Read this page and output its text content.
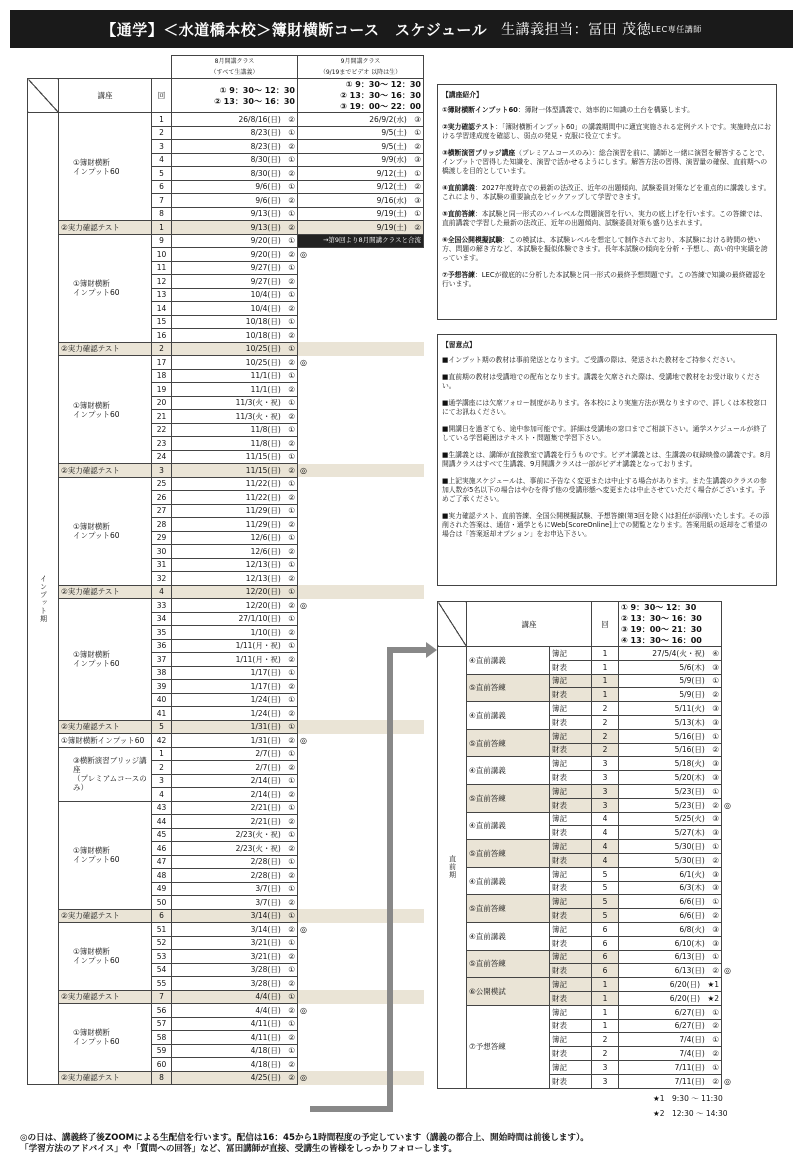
【通学】＜水道橋本校＞簿財横断コース　スケジュール 生講義担当：冨田 茂徳 LEC専任講師
			8月開講クラス
（すべて生講義）	9月開講クラス
（9/19までビデオ 以降は生）
	講座	回	① 9：30～ 12：30
② 13：30～ 16：30	① 9：30～ 12：30
② 13：30～ 16：30
③ 19：00～ 22：00
インプット期	①簿財横断
インプット60	1	26/8/16(日)　②	26/9/2(水)　③
		2	8/23(日)　①	9/5(土)　①
		3	8/23(日)　②	9/5(土)　②
		4	8/30(日)　①	9/9(水)　③
		5	8/30(日)　②	9/12(土)　①
		6	9/6(日)　①	9/12(土)　②
		7	9/6(日)　②	9/16(水)　③
		8	9/13(日)　①	9/19(土)　①
	②実力確認テスト	1	9/13(日)　②	9/19(土)　②
	①簿財横断
インプット60	9	9/20(日)　①	→第9回より8月開講クラスと合流
		10	9/20(日)　②	◎
		11	9/27(日)　①	
		12	9/27(日)　②	
		13	10/4(日)　①	
		14	10/4(日)　②	
		15	10/18(日)　①	
		16	10/18(日)　②	
	②実力確認テスト	2	10/25(日)　①	
	①簿財横断
インプット60	17	10/25(日)　②	◎
		18	11/1(日)　①	
		19	11/1(日)　②	
		20	11/3(火・祝)　①	
		21	11/3(火・祝)　②	
		22	11/8(日)　①	
		23	11/8(日)　②	
		24	11/15(日)　①	
	②実力確認テスト	3	11/15(日)　②	◎
	①簿財横断
インプット60	25	11/22(日)　①	
		26	11/22(日)　②	
		27	11/29(日)　①	
		28	11/29(日)　②	
		29	12/6(日)　①	
		30	12/6(日)　②	
		31	12/13(日)　①	
		32	12/13(日)　②	
	②実力確認テスト	4	12/20(日)　①	
	①簿財横断
インプット60	33	12/20(日)　②	◎
		34	27/1/10(日)　①	
		35	1/10(日)　②	
		36	1/11(月・祝)　①	
		37	1/11(月・祝)　②	
		38	1/17(日)　①	
		39	1/17(日)　②	
		40	1/24(日)　①	
		41	1/24(日)　②	
	②実力確認テスト	5	1/31(日)　①	
	①簿財横断インプット60	42	1/31(日)　②	◎
	③横断演習ブリッジ講座
（プレミアムコースのみ）	1	2/7(日)　①	
		2	2/7(日)　②	
		3	2/14(日)　①	
		4	2/14(日)　②	
	①簿財横断
インプット60	43	2/21(日)　①	
		44	2/21(日)　②	
		45	2/23(火・祝)　①	
		46	2/23(火・祝)　②	
		47	2/28(日)　①	
		48	2/28(日)　②	
		49	3/7(日)　①	
		50	3/7(日)　②	
	②実力確認テスト	6	3/14(日)　①	
	①簿財横断
インプット60	51	3/14(日)　②	◎
		52	3/21(日)　①	
		53	3/21(日)　②	
		54	3/28(日)　①	
		55	3/28(日)　②	
	②実力確認テスト	7	4/4(日)　①	
	①簿財横断
インプット60	56	4/4(日)　②	◎
		57	4/11(日)　①	
		58	4/11(日)　②	
		59	4/18(日)　①	
		60	4/18(日)　②	
	②実力確認テスト	8	4/25(日)　②	◎
【講座紹介】

①簿財横断インプット60：簿財一体型講義で、効率的に知識の土台を構築します。

②実力確認テスト：「簿財横断インプット60」の講義期間中に適宜実施される定例テストです。実施時点における学習達成度を確認し、弱点の発見・克服に役立てます。

③横断演習ブリッジ講座（プレミアムコースのみ）：総合演習を前に、講師と一緒に演習を解答することで、インプットで習得した知識を、演習で活かせるようにします。解答方法の習得、演習量の確保、直前期への橋渡しを目的としています。

④直前講義：2027年度時点での最新の法改正、近年の出題傾向、試験委員対策などを重点的に講義します。これにより、本試験の重要論点をピックアップして学習できます。

⑤直前答練：本試験と同一形式のハイレベルな問題演習を行い、実力の底上げを行います。この答練では、直前講義で学習した最新の法改正、近年の出題傾向、試験委員対策も盛り込まれます。

⑥全国公開模擬試験：この模試は、本試験レベルを想定して制作されており、本試験における時間の使い方、問題の解き方など、本試験を擬似体験できます。長年本試験の傾向を分析・予想し、高い的中実績を誇っています。

⑦予想答練：LECが徹底的に分析した本試験と同一形式の最終予想問題です。この答練で知識の最終確認を行います。

【留意点】

■インプット期の教材は事前発送となります。ご受講の際は、発送された教材をご持参ください。

■直前期の教材は受講地での配布となります。講義を欠席された際は、受講地で教材をお受け取りください。

■通学講座には欠席フォロー制度があります。各本校により実施方法が異なりますので、詳しくは本校窓口にてお訊ねください。

■開講日を過ぎても、途中参加可能です。詳細は受講地の窓口までご相談下さい。通学スケジュールが終了している学習範囲はテキスト・問題集で学習下さい。

■生講義とは、講師が直接教室で講義を行うものです。ビデオ講義とは、生講義の収録映像の講義です。8月開講クラスはすべて生講義、9月開講クラスは一部がビデオ講義となっております。

■上記実施スケジュールは、事前に予告なく変更または中止する場合があります。また生講義のクラスの参加人数が5名以下の場合はやむを得ず他の受講形態へ変更または中止させていただく場合がございます。予めご了承ください。

■実力確認テスト、直前答練、全国公開模擬試験、予想答練(第3回を除く)は担任が添削いたします。その添削された答案は、通信・通学ともにWeb[ScoreOnline]上での閲覧となります。答案用紙の返却をご希望の場合は「答案返却オプション」をお申込下さい。

	講座		回	① 9：30～ 12：30
② 13：30～ 16：30
③ 19：00～ 21：30
④ 13：30～ 16：00	
直前期	④直前講義	簿記	1	27/5/4(火・祝)　④	
		財表	1	5/6(木)　③	
	⑤直前答練	簿記	1	5/9(日)　①	
		財表	1	5/9(日)　②	
	④直前講義	簿記	2	5/11(火)　③	
		財表	2	5/13(木)　③	
	⑤直前答練	簿記	2	5/16(日)　①	
		財表	2	5/16(日)　②	
	④直前講義	簿記	3	5/18(火)　③	
		財表	3	5/20(木)　③	
	⑤直前答練	簿記	3	5/23(日)　①	
		財表	3	5/23(日)　②	◎
	④直前講義	簿記	4	5/25(火)　③	
		財表	4	5/27(木)　③	
	⑤直前答練	簿記	4	5/30(日)　①	
		財表	4	5/30(日)　②	
	④直前講義	簿記	5	6/1(火)　③	
		財表	5	6/3(木)　③	
	⑤直前答練	簿記	5	6/6(日)　①	
		財表	5	6/6(日)　②	
	④直前講義	簿記	6	6/8(火)　③	
		財表	6	6/10(木)　③	
	⑤直前答練	簿記	6	6/13(日)　①	
		財表	6	6/13(日)　②	◎
	⑥公開模試	簿記	1	6/20(日)　★1	
		財表	1	6/20(日)　★2	
	⑦予想答練	簿記	1	6/27(日)　①	
		財表	1	6/27(日)　②	
		簿記	2	7/4(日)　①	
		財表	2	7/4(日)　②	
		簿記	3	7/11(日)　①	
		財表	3	7/11(日)　②	◎
★1　9:30 ～ 11:30
★2　12:30 ～ 14:30
◎の日は、講義終了後ZOOMによる生配信を行います。配信は16：45から1時間程度の予定しています（講義の都合上、開始時間は前後します）。
「学習方法のアドバイス」や「質問への回答」など、冨田講師が直接、受講生の皆様をしっかりフォローします。
